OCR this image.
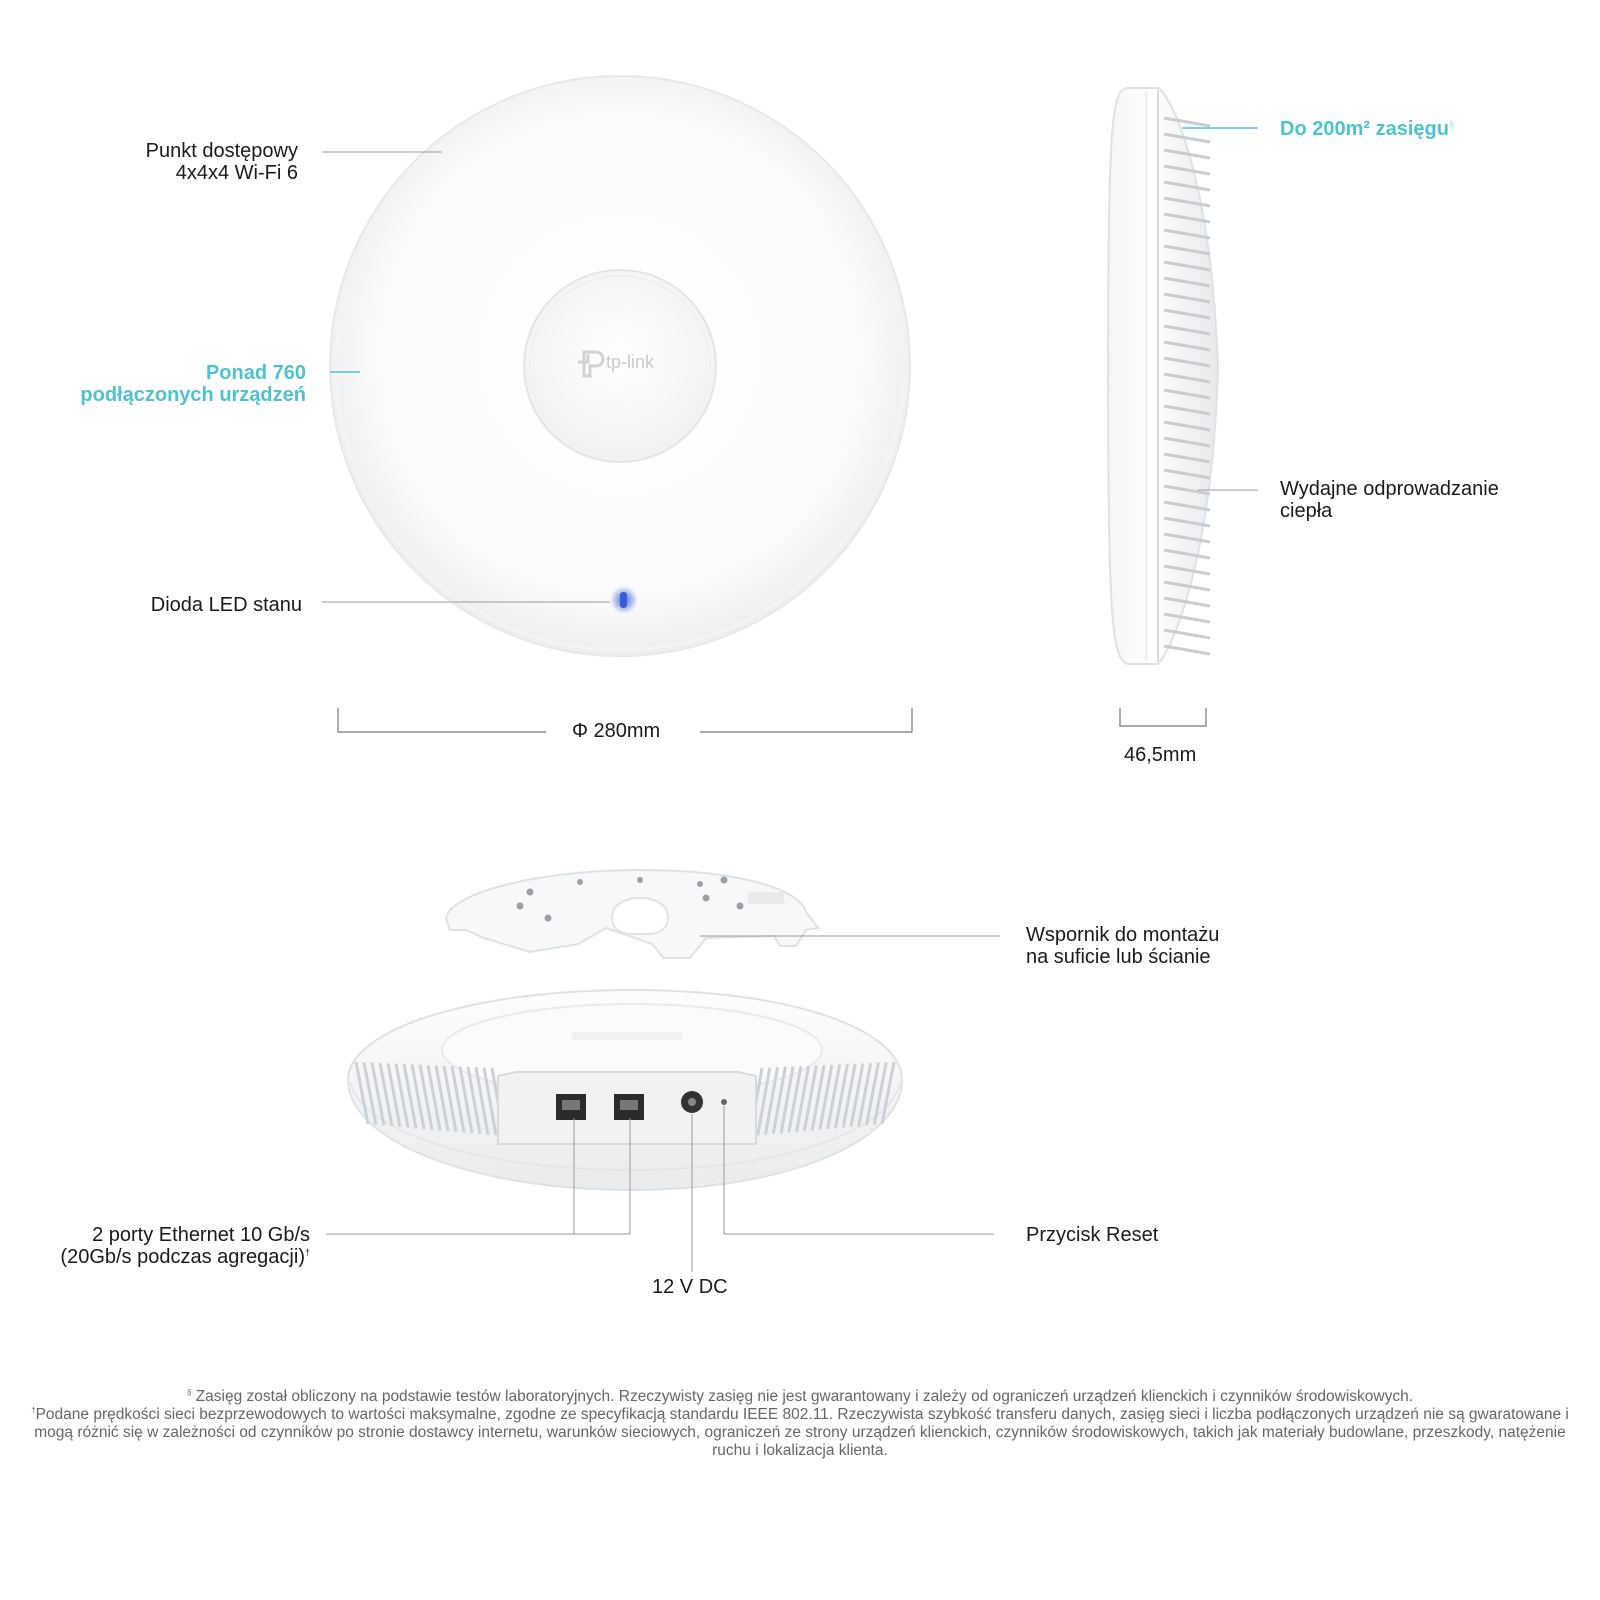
Punkt dostępowy
4x4x4 Wi-Fi 6
Ponad 760
podłączonych urządzeń
Dioda LED stanu
Φ 280mm
tp-link
Do 200m² zasięgu§
Wydajne odprowadzanie
ciepła
46,5mm
Wspornik do montażu
na suficie lub ścianie
2 porty Ethernet 10 Gb/s
(20Gb/s podczas agregacji)†
Przycisk Reset
12 V DC
§ Zasięg został obliczony na podstawie testów laboratoryjnych. Rzeczywisty zasięg nie jest gwarantowany i zależy od ograniczeń urządzeń klienckich i czynników środowiskowych.
†Podane prędkości sieci bezprzewodowych to wartości maksymalne, zgodne ze specyfikacją standardu IEEE 802.11. Rzeczywista szybkość transferu danych, zasięg sieci i liczba podłączonych urządzeń nie są gwaratowane i mogą różnić się w zależności od czynników po stronie dostawcy internetu, warunków sieciowych, ograniczeń ze strony urządzeń klienckich, czynników środowiskowych, takich jak materiały budowlane, przeszkody, natężenie ruchu i lokalizacja klienta.
